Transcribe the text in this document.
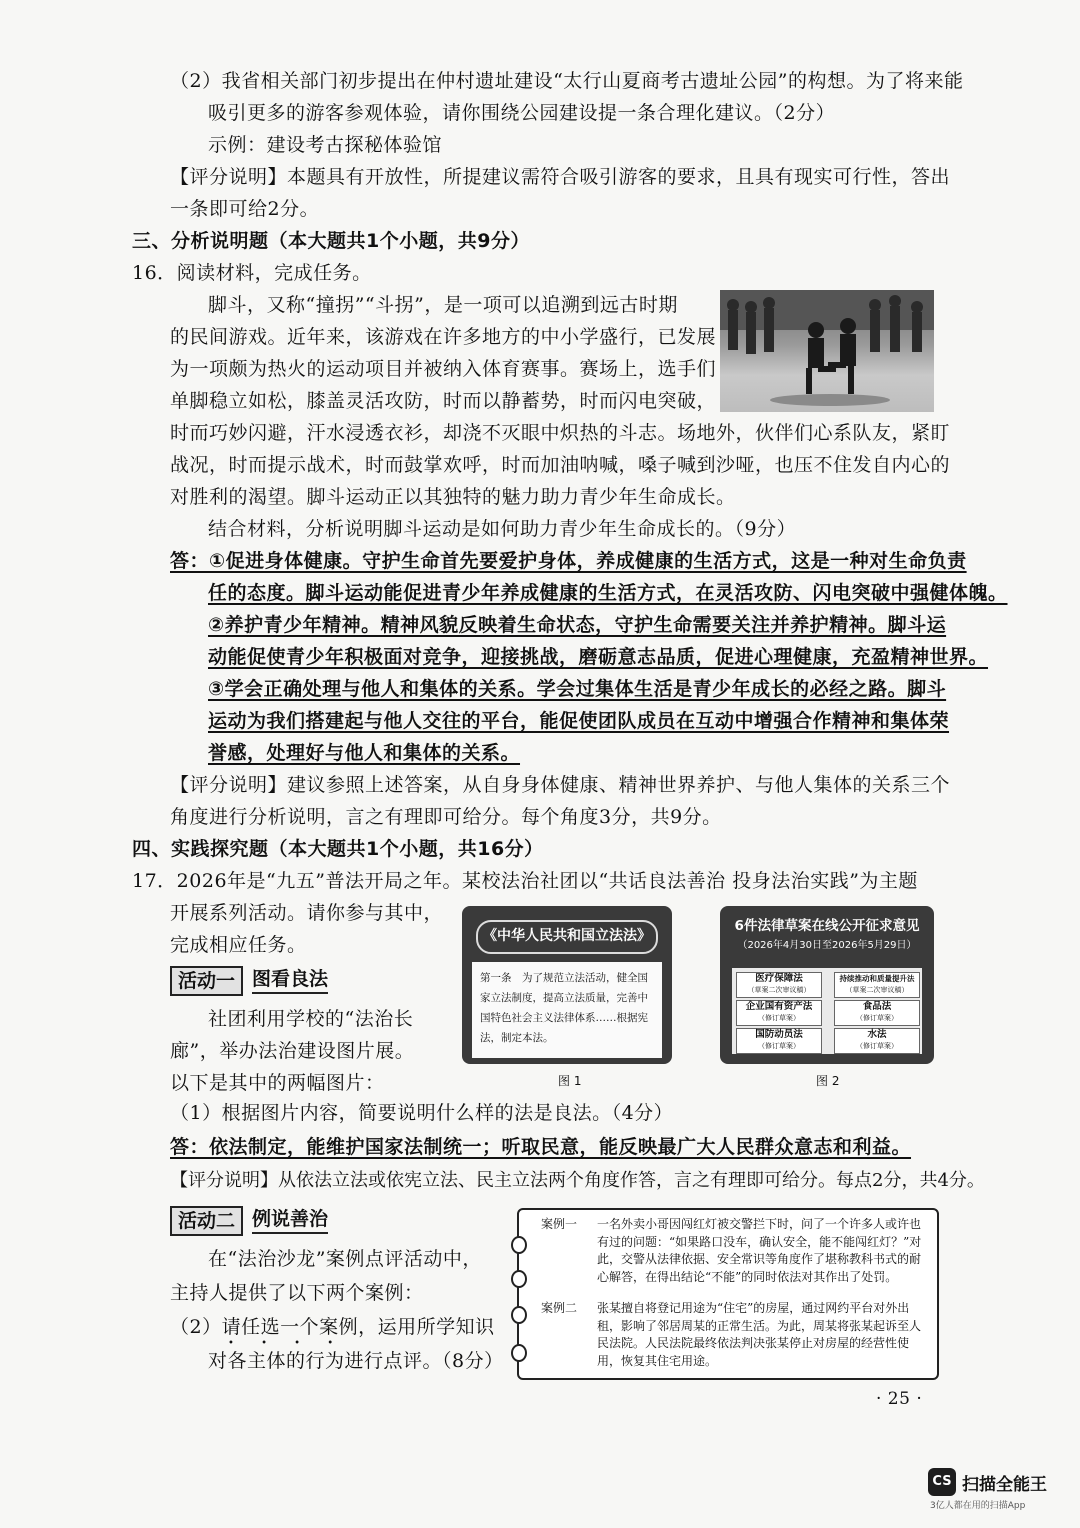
（2）我省相关部门初步提出在仲村遗址建设“太行山夏商考古遗址公园”的构想。为了将来能
吸引更多的游客参观体验，请你围绕公园建设提一条合理化建议。（2分）
示例：建设考古探秘体验馆
【评分说明】本题具有开放性，所提建议需符合吸引游客的要求，且具有现实可行性，答出
一条即可给2分。
三、分析说明题（本大题共1个小题，共9分）
16．阅读材料，完成任务。
脚斗，又称“撞拐”“斗拐”，是一项可以追溯到远古时期
的民间游戏。近年来，该游戏在许多地方的中小学盛行，已发展
为一项颇为热火的运动项目并被纳入体育赛事。赛场上，选手们
单脚稳立如松，膝盖灵活攻防，时而以静蓄势，时而闪电突破，
时而巧妙闪避，汗水浸透衣衫，却浇不灭眼中炽热的斗志。场地外，伙伴们心系队友，紧盯
战况，时而提示战术，时而鼓掌欢呼，时而加油呐喊，嗓子喊到沙哑，也压不住发自内心的
对胜利的渴望。脚斗运动正以其独特的魅力助力青少年生命成长。
结合材料，分析说明脚斗运动是如何助力青少年生命成长的。（9分）
答：①促进身体健康。守护生命首先要爱护身体，养成健康的生活方式，这是一种对生命负责
任的态度。脚斗运动能促进青少年养成健康的生活方式，在灵活攻防、闪电突破中强健体魄。
②养护青少年精神。精神风貌反映着生命状态，守护生命需要关注并养护精神。脚斗运
动能促使青少年积极面对竞争，迎接挑战，磨砺意志品质，促进心理健康，充盈精神世界。
③学会正确处理与他人和集体的关系。学会过集体生活是青少年成长的必经之路。脚斗
运动为我们搭建起与他人交往的平台，能促使团队成员在互动中增强合作精神和集体荣
誉感，处理好与他人和集体的关系。
【评分说明】建议参照上述答案，从自身身体健康、精神世界养护、与他人集体的关系三个
角度进行分析说明，言之有理即可给分。每个角度3分，共9分。
四、实践探究题（本大题共1个小题，共16分）
17．2026年是“九五”普法开局之年。某校法治社团以“共话良法善治 投身法治实践”为主题
开展系列活动。请你参与其中，
完成相应任务。
活动一 图看良法
社团利用学校的“法治长
廊”，举办法治建设图片展。
以下是其中的两幅图片：
《中华人民共和国立法法》
第一条　为了规范立法活动，健全国家立法制度，提高立法质量，完善中国特色社会主义法律体系……根据宪法，制定本法。
图 1
6件法律草案在线公开征求意见
（2026年4月30日至2026年5月29日）
医疗保障法
（草案二次审议稿）
持续推动和质量提升法
（草案二次审议稿）
企业国有资产法
（修订草案）
食品法
（修订草案）
国防动员法
（修订草案）
水法
（修订草案）
图 2
（1）根据图片内容，简要说明什么样的法是良法。（4分）
答：依法制定，能维护国家法制统一；听取民意，能反映最广大人民群众意志和利益。
【评分说明】从依法立法或依宪立法、民主立法两个角度作答，言之有理即可给分。每点2分，共4分。
活动二 例说善治
在“法治沙龙”案例点评活动中，
主持人提供了以下两个案例：
（2）请任选一个案例，运用所学知识
• • • •
对各主体的行为进行点评。（8分）
案例一 一名外卖小哥因闯红灯被交警拦下时，问了一个许多人或许也有过的问题：“如果路口没车，确认安全，能不能闯红灯？”对此，交警从法律依据、安全常识等角度作了堪称教科书式的耐心解答，在得出结论“不能”的同时依法对其作出了处罚。
案例二 张某擅自将登记用途为“住宅”的房屋，通过网约平台对外出租，影响了邻居周某的正常生活。为此，周某将张某起诉至人民法院。人民法院最终依法判决张某停止对房屋的经营性使用，恢复其住宅用途。
· 25 ·
CS 扫描全能王
3亿人都在用的扫描App
